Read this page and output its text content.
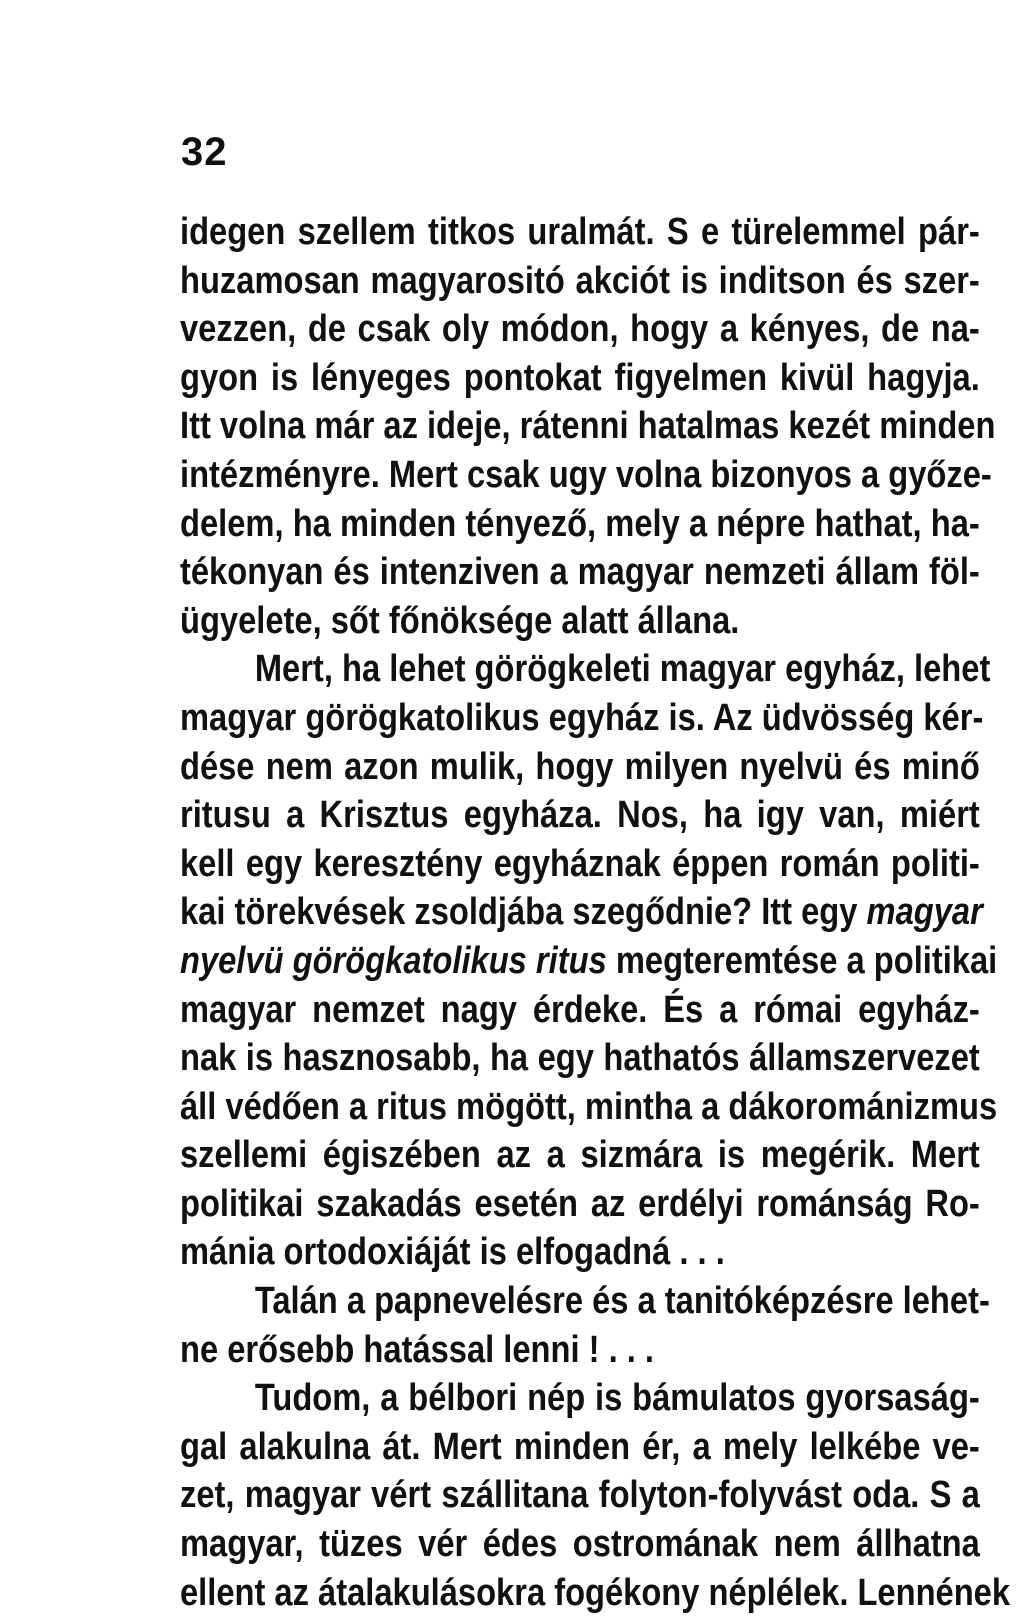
32
idegen szellem titkos uralmát. S e türelemmel pár-
huzamosan magyarositó akciót is inditson és szer-
vezzen, de csak oly módon, hogy a kényes, de na-
gyon is lényeges pontokat figyelmen kivül hagyja.
Itt volna már az ideje, rátenni hatalmas kezét minden
intézményre. Mert csak ugy volna bizonyos a győze-
delem, ha minden tényező, mely a népre hathat, ha-
tékonyan és intenziven a magyar nemzeti állam föl-
ügyelete, sőt főnöksége alatt állana.
Mert, ha lehet görögkeleti magyar egyház, lehet
magyar görögkatolikus egyház is. Az üdvösség kér-
dése nem azon mulik, hogy milyen nyelvü és minő
ritusu a Krisztus egyháza. Nos, ha igy van, miért
kell egy keresztény egyháznak éppen román politi-
kai törekvések zsoldjába szegődnie? Itt egy magyar
nyelvü görögkatolikus ritus megteremtése a politikai
magyar nemzet nagy érdeke. És a római egyház-
nak is hasznosabb, ha egy hathatós államszervezet
áll védően a ritus mögött, mintha a dákorománizmus
szellemi égiszében az a sizmára is megérik. Mert
politikai szakadás esetén az erdélyi románság Ro-
mánia ortodoxiáját is elfogadná . . .
Talán a papnevelésre és a tanitóképzésre lehet-
ne erősebb hatással lenni ! . . .
Tudom, a bélbori nép is bámulatos gyorsaság-
gal alakulna át. Mert minden ér, a mely lelkébe ve-
zet, magyar vért szállitana folyton-folyvást oda. S a
magyar, tüzes vér édes ostromának nem állhatna
ellent az átalakulásokra fogékony néplélek. Lennének
